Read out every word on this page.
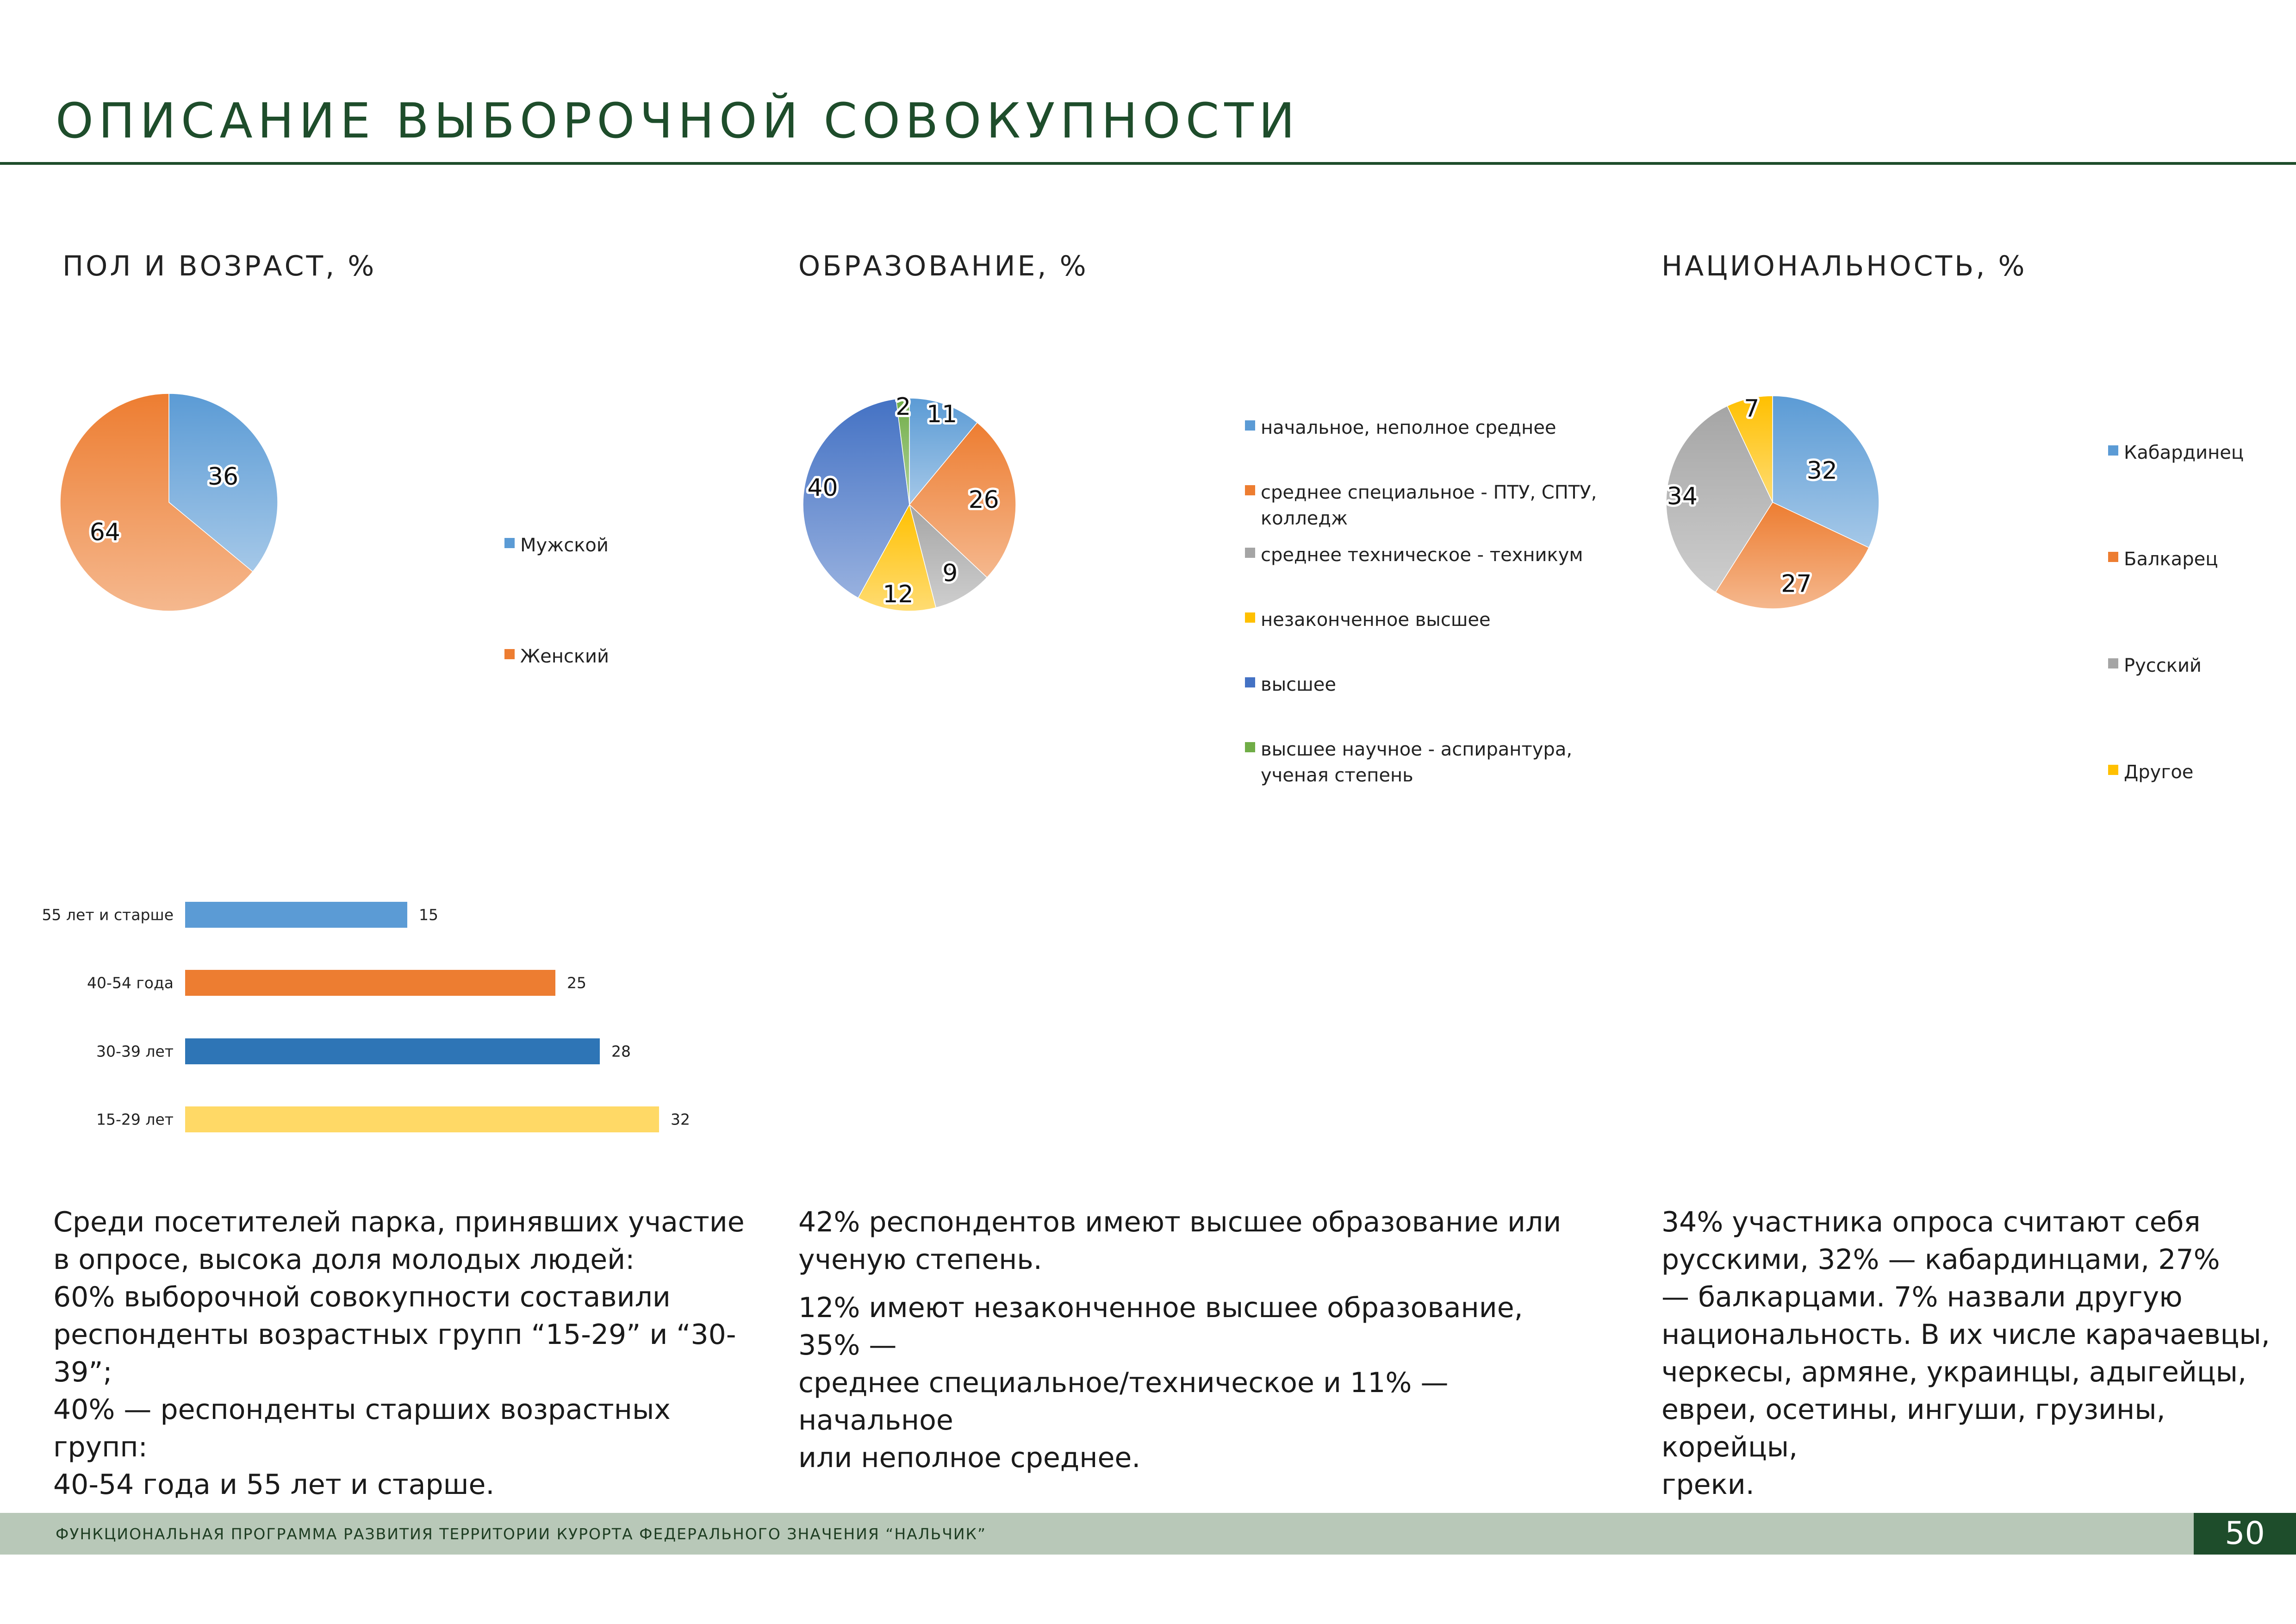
ОПИСАНИЕ ВЫБОРОЧНОЙ СОВОКУПНОСТИ
ПОЛ И ВОЗРАСТ, %	ОБРАЗОВАНИЕ, %	НАЦИОНАЛЬНОСТЬ, %
36
64	Мужской
Женский
55 лет и старше	15
40-54 года	25
30-39 лет	28
15-29 лет	32
11
26
9
12
40
2
начальное, неполное среднее
среднее специальное - ПТУ, СПТУ,
колледж
среднее техническое - техникум
незаконченное высшее
высшее
высшее научное - аспирантура,
ученая степень
32
27
34
7
Кабардинец
Балкарец
Русский
Другое
Среди посетителей парка, принявших участие
в опросе, высока доля молодых людей:
60% выборочной совокупности составили
респонденты возрастных групп “15-29” и “30-39”;
40% — респонденты старших возрастных групп:
40-54 года и 55 лет и старше.
42% респондентов имеют высшее образование или
ученую степень.
12% имеют незаконченное высшее образование, 35% —
среднее специальное/техническое и 11% — начальное
или неполное среднее.
34% участника опроса считают себя
русскими, 32% — кабардинцами, 27%
— балкарцами. 7% назвали другую
национальность. В их числе карачаевцы,
черкесы, армяне, украинцы, адыгейцы,
евреи, осетины, ингуши, грузины, корейцы,
греки.
ФУНКЦИОНАЛЬНАЯ ПРОГРАММА РАЗВИТИЯ ТЕРРИТОРИИ КУРОРТА ФЕДЕРАЛЬНОГО ЗНАЧЕНИЯ “НАЛЬЧИК”	50
